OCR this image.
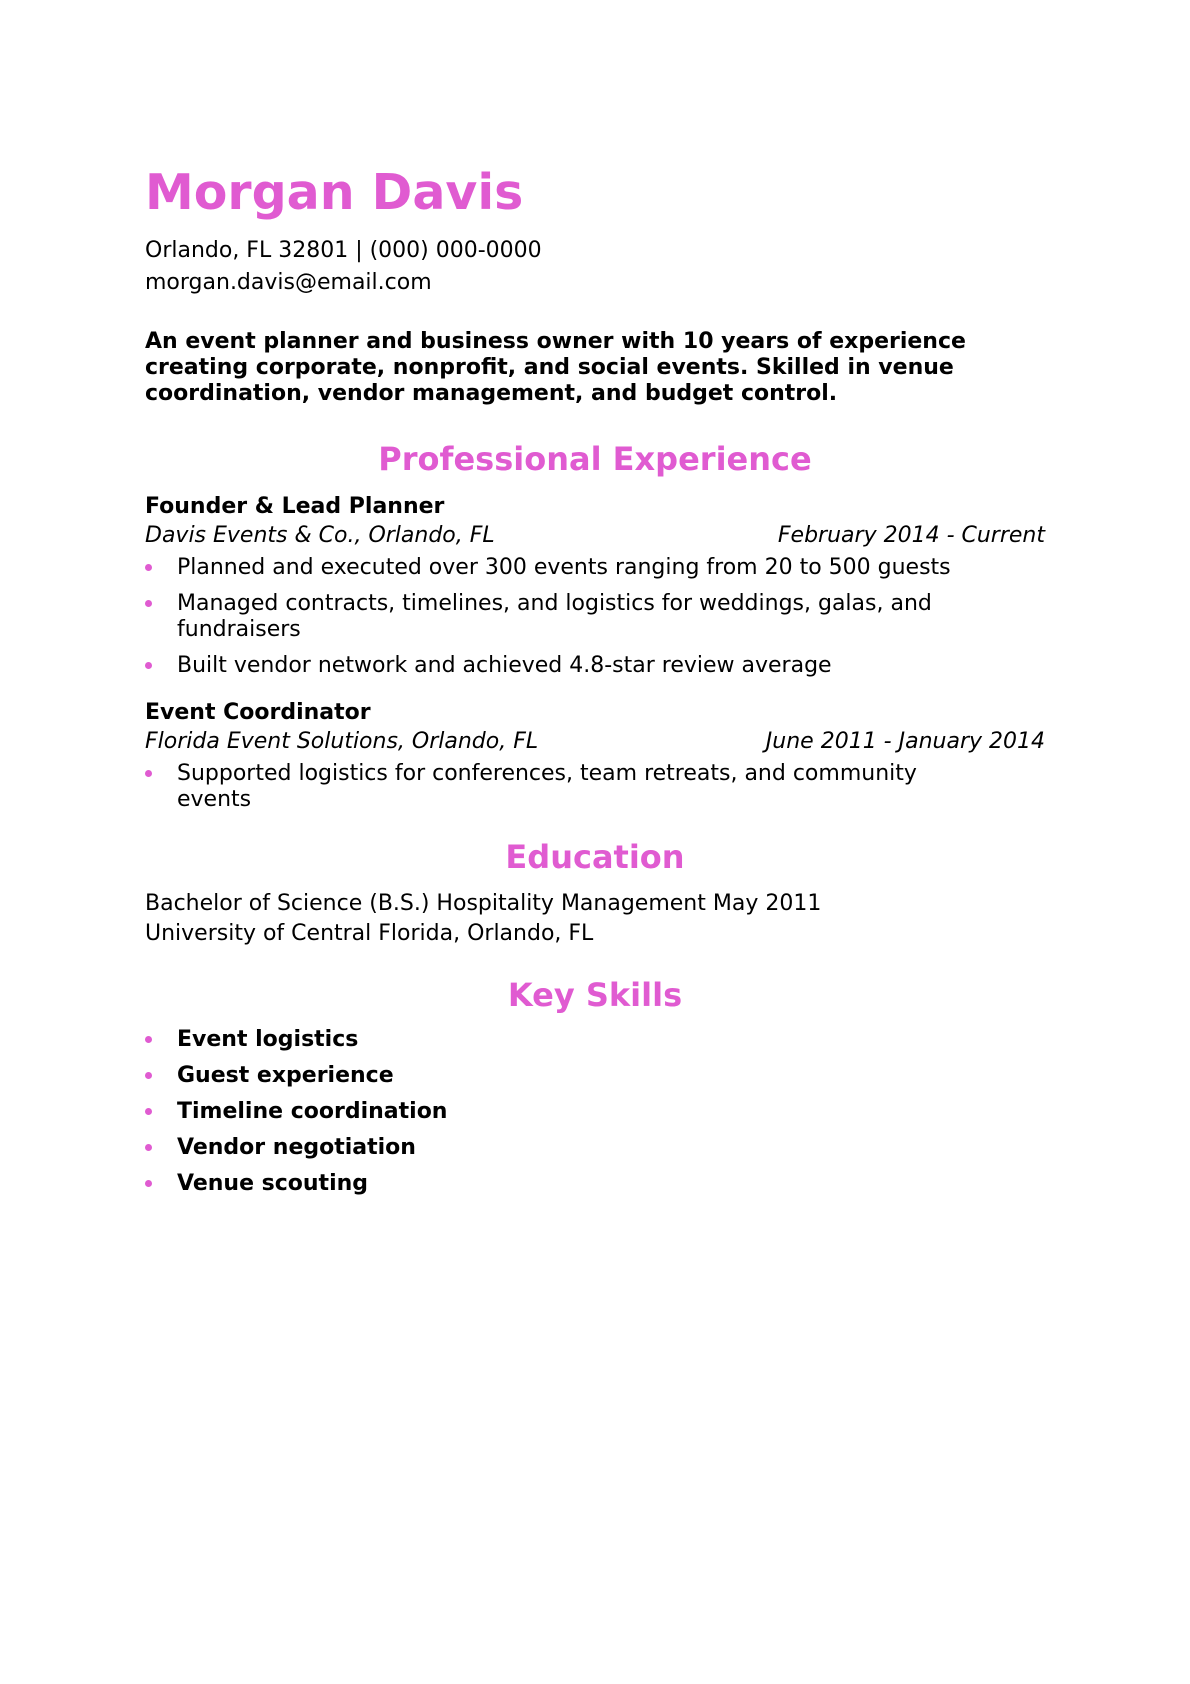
Morgan Davis

Orlando, FL 32801 | (000) 000-0000

morgan.davis@email.com

An event planner and business owner with 10 years of experience creating corporate, nonprofit, and social events. Skilled in venue coordination, vendor management, and budget control.

Professional Experience

Founder & Lead Planner

Davis Events & Co., Orlando, FL	February 2014 - Current
Planned and executed over 300 events ranging from 20 to 500 guests
Managed contracts, timelines, and logistics for weddings, galas, and fundraisers
Built vendor network and achieved 4.8-star review average

Event Coordinator

Florida Event Solutions, Orlando, FL	June 2011 - January 2014
Supported logistics for conferences, team retreats, and community events
Education
Bachelor of Science (B.S.) Hospitality Management May 2011
University of Central Florida, Orlando, FL
Key Skills
Event logistics
Guest experience
Timeline coordination
Vendor negotiation
Venue scouting
